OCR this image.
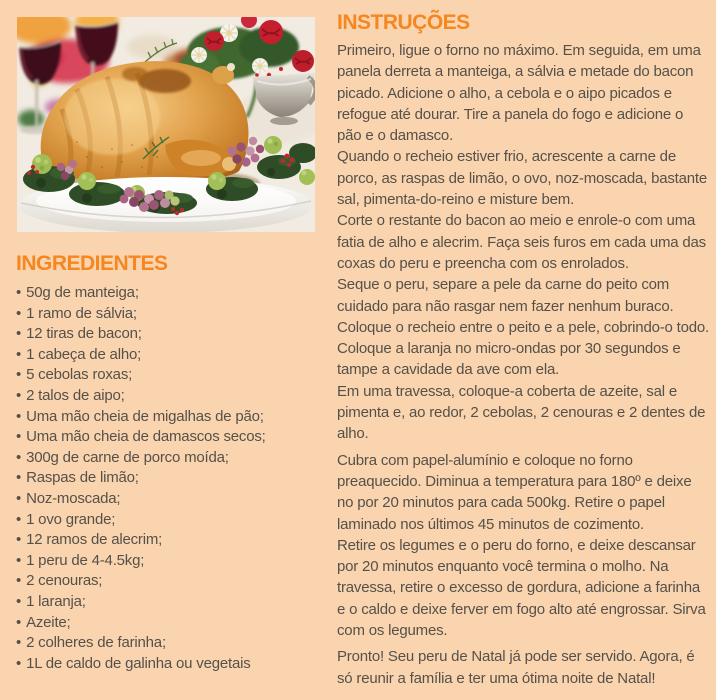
INGREDIENTES
• 50g de manteiga;
• 1 ramo de sálvia;
• 12 tiras de bacon;
• 1 cabeça de alho;
• 5 cebolas roxas;
• 2 talos de aipo;
• Uma mão cheia de migalhas de pão;
• Uma mão cheia de damascos secos;
• 300g de carne de porco moída;
• Raspas de limão;
• Noz-moscada;
• 1 ovo grande;
• 12 ramos de alecrim;
• 1 peru de 4-4.5kg;
• 2 cenouras;
• 1 laranja;
• Azeite;
• 2 colheres de farinha;
• 1L de caldo de galinha ou vegetais
INSTRUÇÕES

Primeiro, ligue o forno no máximo. Em seguida, em uma panela derreta a manteiga, a sálvia e metade do bacon picado. Adicione o alho, a cebola e o aipo picados e refogue até dourar. Tire a panela do fogo e adicione o pão e o damasco.

Quando o recheio estiver frio, acrescente a carne de porco, as raspas de limão, o ovo, noz-moscada, bastante sal, pimenta-do-reino e misture bem.

Corte o restante do bacon ao meio e enrole-o com uma fatia de alho e alecrim. Faça seis furos em cada uma das coxas do peru e preencha com os enrolados.

Seque o peru, separe a pele da carne do peito com cuidado para não rasgar nem fazer nenhum buraco. Coloque o recheio entre o peito e a pele, cobrindo-o todo.

Coloque a laranja no micro-ondas por 30 segundos e tampe a cavidade da ave com ela.

Em uma travessa, coloque-a coberta de azeite, sal e pimenta e, ao redor, 2 cebolas, 2 cenouras e 2 dentes de alho.

Cubra com papel-alumínio e coloque no forno preaquecido. Diminua a temperatura para 180º e deixe no por 20 minutos para cada 500kg. Retire o papel laminado nos últimos 45 minutos de cozimento.

Retire os legumes e o peru do forno, e deixe descansar por 20 minutos enquanto você termina o molho. Na travessa, retire o excesso de gordura, adicione a farinha e o caldo e deixe ferver em fogo alto até engrossar. Sirva com os legumes.

Pronto! Seu peru de Natal já pode ser servido. Agora, é só reunir a família e ter uma ótima noite de Natal!
